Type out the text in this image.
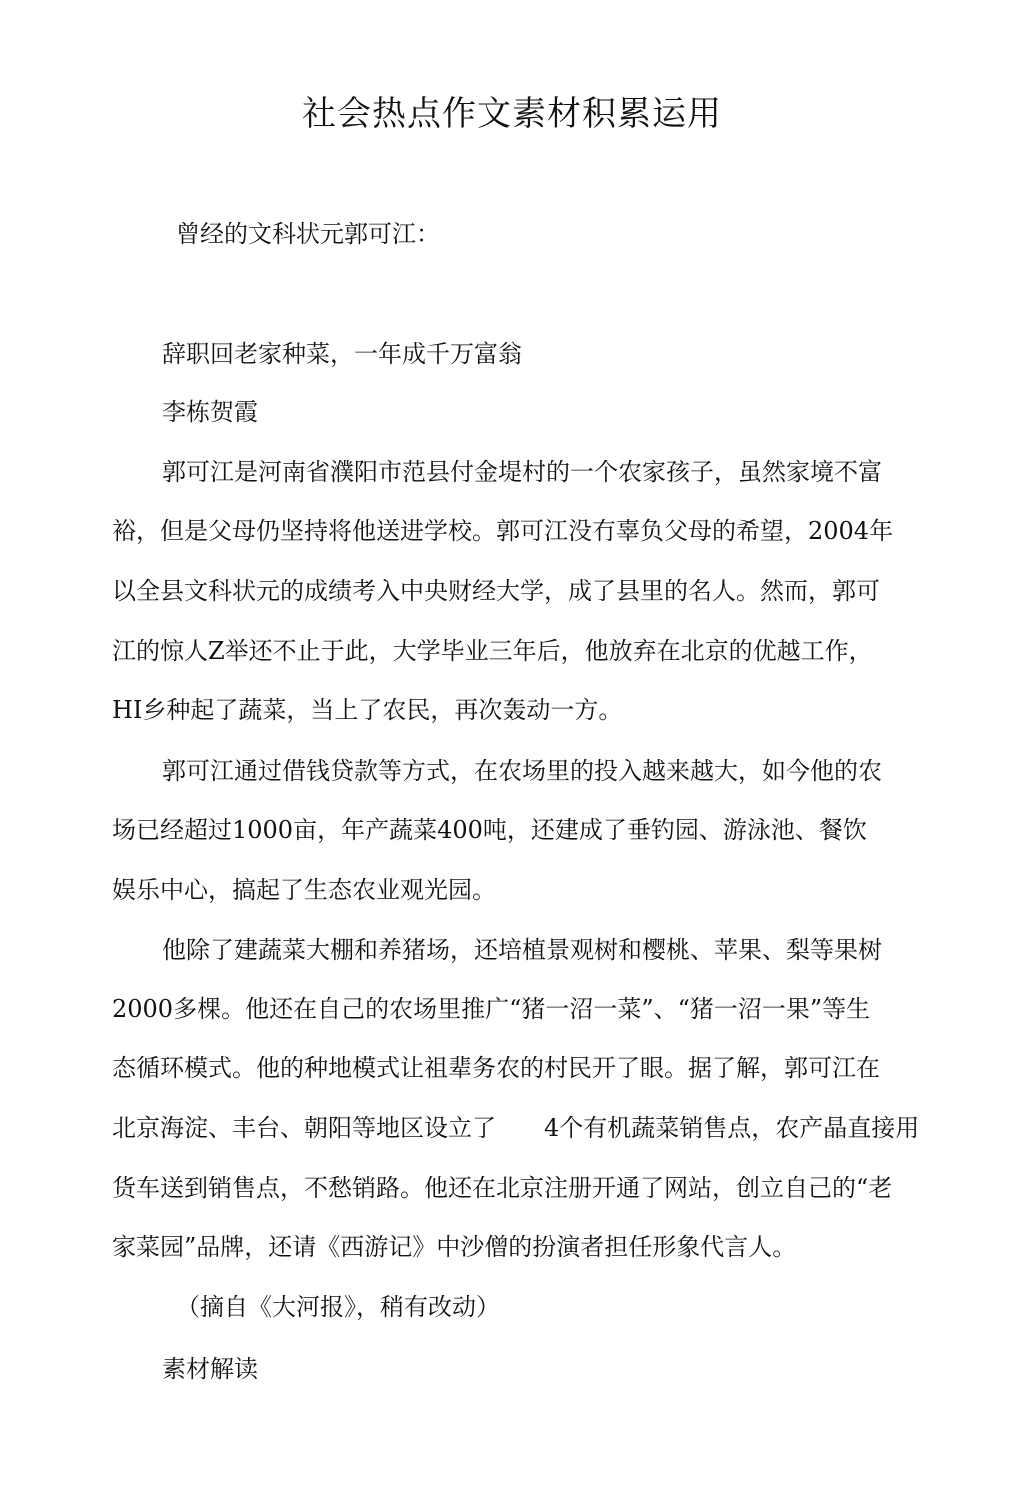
社会热点作文素材积累运用
曾经的文科状元郭可江：
辞职回老家种菜，一年成千万富翁
李栋贺霞
郭可江是河南省濮阳市范县付金堤村的一个农家孩子，虽然家境不富
裕，但是父母仍坚持将他送进学校。郭可江没冇辜负父母的希望，2004年
以全县文科状元的成绩考入中央财经大学，成了县里的名人。然而，郭可
江的惊人Z举还不止于此，大学毕业三年后，他放弃在北京的优越工作，
HI乡种起了蔬菜，当上了农民，再次轰动一方。
郭可江通过借钱贷款等方式，在农场里的投入越来越大，如今他的农
场已经超过1000亩，年产蔬菜400吨，还建成了垂钓园、游泳池、餐饮
娱乐中心，搞起了生态农业观光园。
他除了建蔬菜大棚和养猪场，还培植景观树和樱桃、苹果、梨等果树
2000多棵。他还在自己的农场里推广“猪一沼一菜”、“猪一沼一果”等生
态循环模式。他的种地模式让祖辈务农的村民开了眼。据了解，郭可江在
北京海淀、丰台、朝阳等地区设立了　　4个有机蔬菜销售点，农产晶直接用
货车送到销售点，不愁销路。他还在北京注册开通了网站，创立自己的“老
家菜园”品牌，还请《西游记》中沙僧的扮演者担任形象代言人。
（摘自《大河报》，稍有改动）
素材解读
